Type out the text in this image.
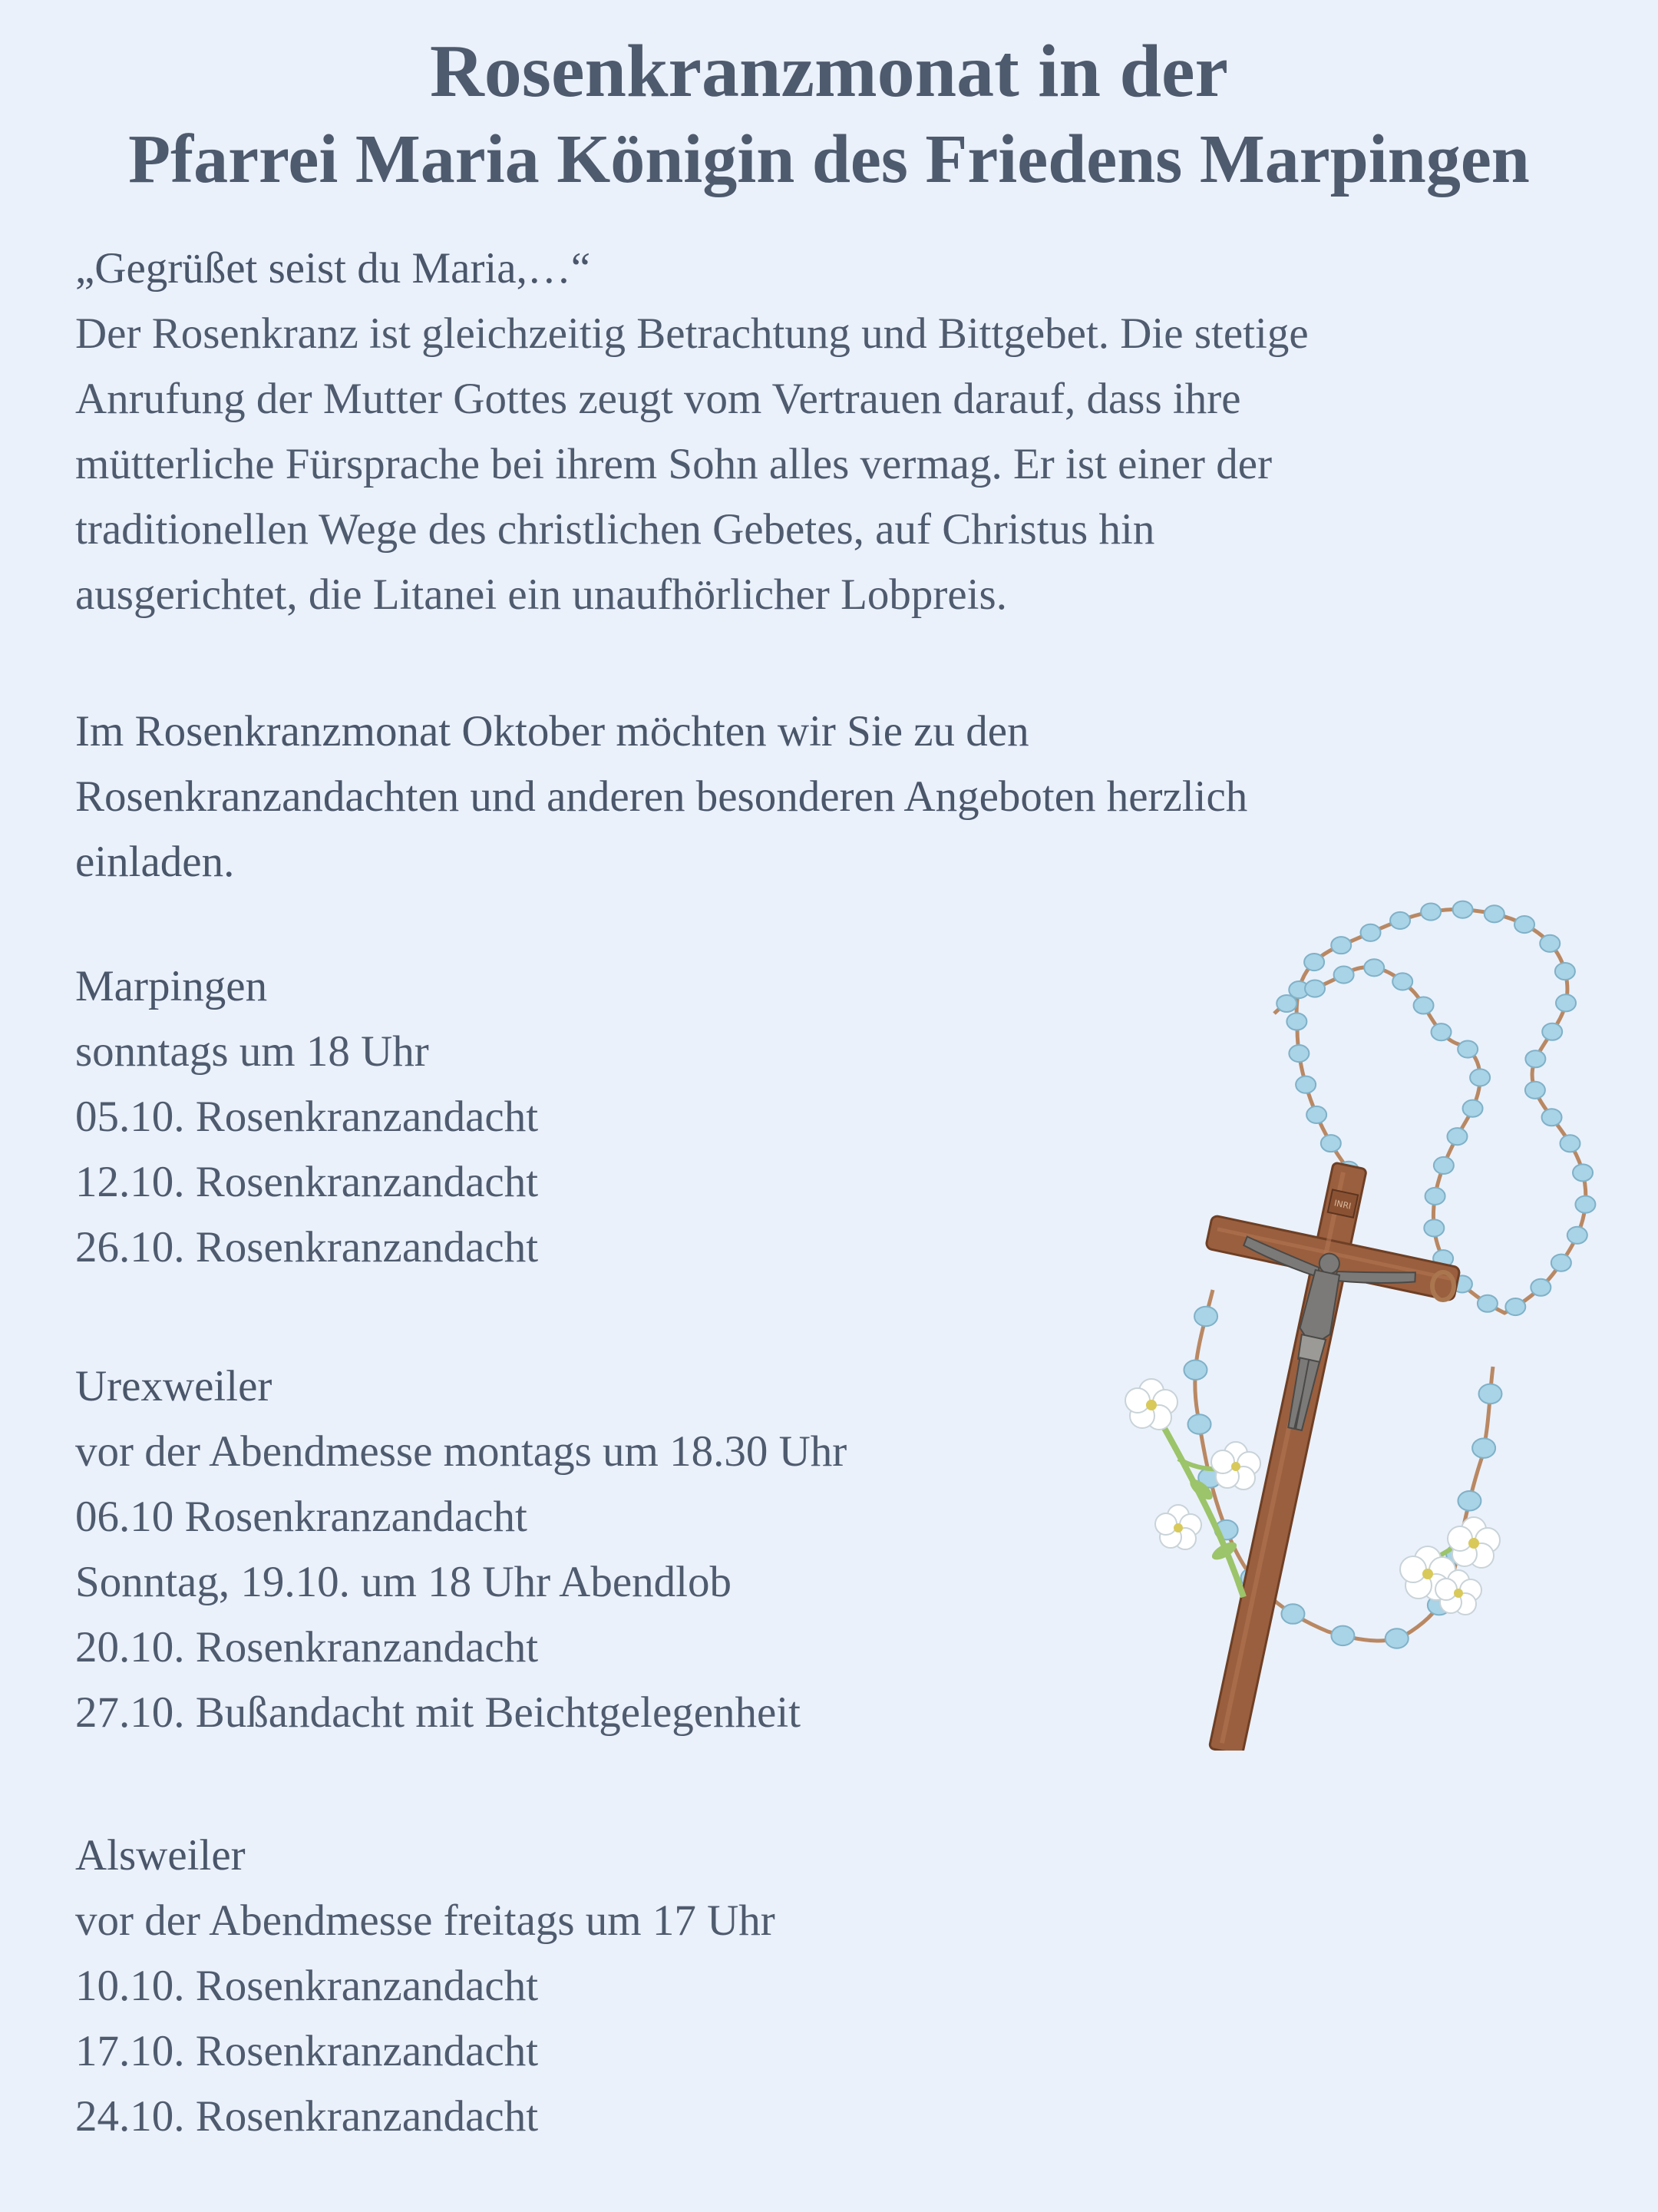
Rosenkranzmonat in der
Pfarrei Maria Königin des Friedens Marpingen
„Gegrüßet seist du Maria,…“
Der Rosenkranz ist gleichzeitig Betrachtung und Bittgebet. Die stetige
Anrufung der Mutter Gottes zeugt vom Vertrauen darauf, dass ihre
mütterliche Fürsprache bei ihrem Sohn alles vermag. Er ist einer der
traditionellen Wege des christlichen Gebetes, auf Christus hin
ausgerichtet, die Litanei ein unaufhörlicher Lobpreis.
Im Rosenkranzmonat Oktober möchten wir Sie zu den
Rosenkranzandachten und anderen besonderen Angeboten herzlich
einladen.
Marpingen
sonntags um 18 Uhr
05.10. Rosenkranzandacht
12.10. Rosenkranzandacht
26.10. Rosenkranzandacht
Urexweiler
vor der Abendmesse montags um 18.30 Uhr
06.10 Rosenkranzandacht
Sonntag, 19.10. um 18 Uhr Abendlob
20.10. Rosenkranzandacht
27.10. Bußandacht mit Beichtgelegenheit
Alsweiler
vor der Abendmesse freitags um 17 Uhr
10.10. Rosenkranzandacht
17.10. Rosenkranzandacht
24.10. Rosenkranzandacht
INRI
